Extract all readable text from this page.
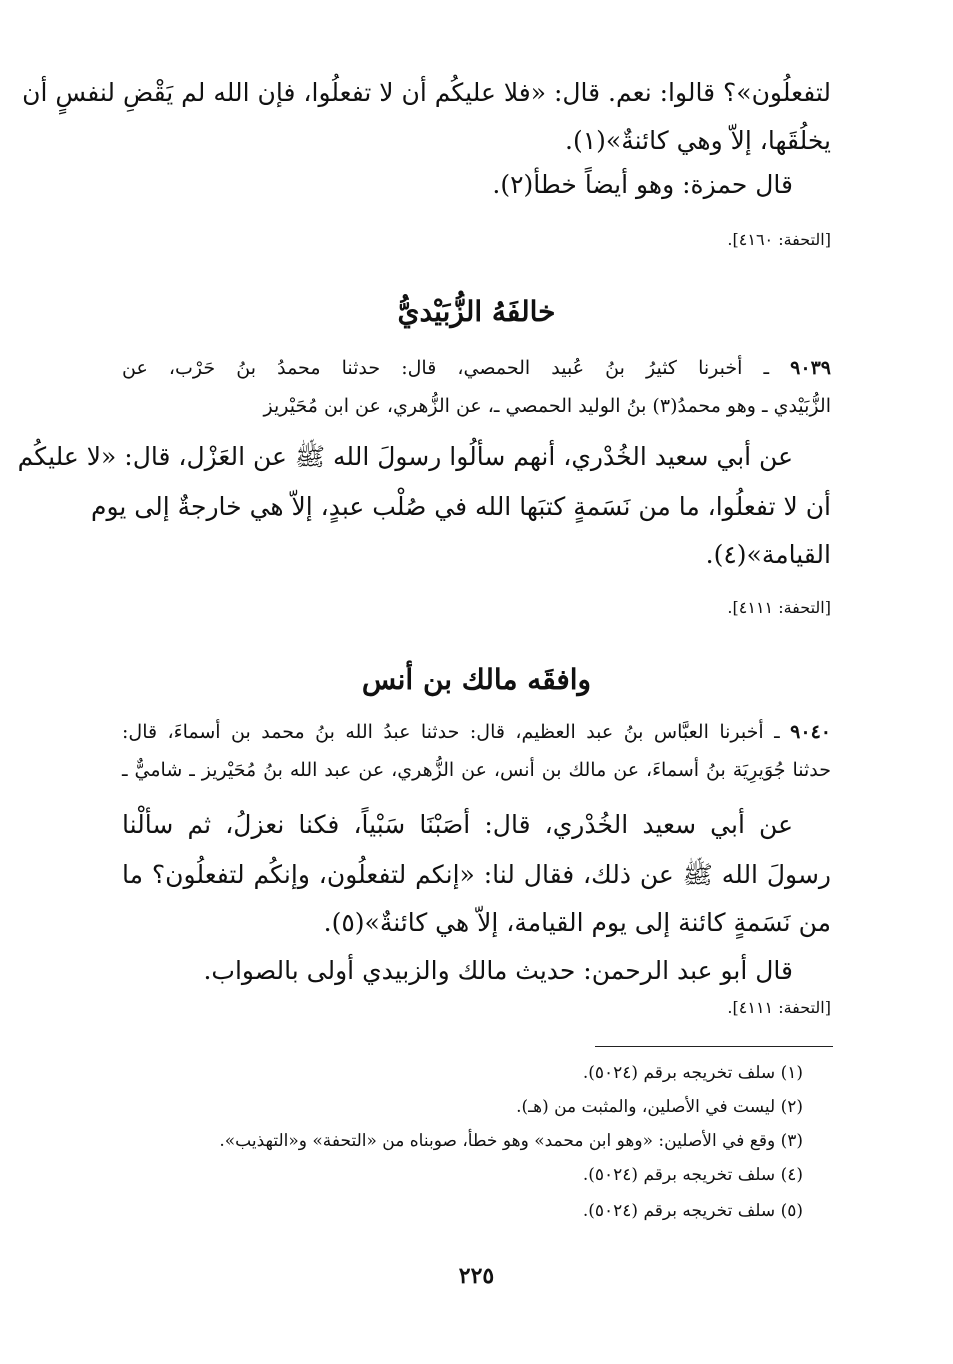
لتفعلُون»؟ قالوا: نعم. قال: «فلا عليكُم أن لا تفعلُوا، فإن الله لم يَقْضِ لنفسٍ أن
يخلُقَها، إلاّ وهي كائنةٌ»(١).
قال حمزة: وهو أيضاً خطأ(٢).
[التحفة: ٤١٦٠].
خالفَهُ الزُّبَيْديُّ
٩٠٣٩ ـ أخبرنا كثيرُ بنُ عُبيد الحمصي، قال: حدثنا محمدُ بنُ حَرْب، عن
الزُّبَيْدي ـ وهو محمدُ(٣) بنُ الوليد الحمصي ـ، عن الزُّهري، عن ابن مُحَيْريز
عن أبي سعيد الخُدْري، أنهم سألُوا رسولَ الله ﷺ عن العَزْل، قال: «لا عليكُم
أن لا تفعلُوا، ما من نَسَمةٍ كتبَها الله في صُلْب عبدٍ، إلاّ هي خارجةٌ إلى يوم
القيامة»(٤).
[التحفة: ٤١١١].
وافقَه مالك بن أنس
٩٠٤٠ ـ أخبرنا العبَّاس بنُ عبد العظيم، قال: حدثنا عبدُ الله بنُ محمد بن أسماءَ، قال:
حدثنا جُوَيرِيَة بنُ أسماءَ، عن مالك بن أنس، عن الزُّهري، عن عبد الله بنُ مُحَيْريز ـ شاميٌّ ـ
عن أبي سعيد الخُدْري، قال: أصَبْنَا سَبْياً، فكنا نعزلُ، ثم سألْنا
رسولَ الله ﷺ عن ذلك، فقال لنا: «إنكم لتفعلُون، وإنكُم لتفعلُون؟ ما
من نَسَمةٍ كائنة إلى يوم القيامة، إلاّ هي كائنةٌ»(٥).
قال أبو عبد الرحمن: حديث مالك والزبيدي أولى بالصواب.
[التحفة: ٤١١١].
(١) سلف تخريجه برقم (٥٠٢٤).
(٢) ليست في الأصلين، والمثبت من (هـ).
(٣) وقع في الأصلين: «وهو ابن محمد» وهو خطأ، صوبناه من «التحفة» و«التهذيب».
(٤) سلف تخريجه برقم (٥٠٢٤).
(٥) سلف تخريجه برقم (٥٠٢٤).
٢٢٥
